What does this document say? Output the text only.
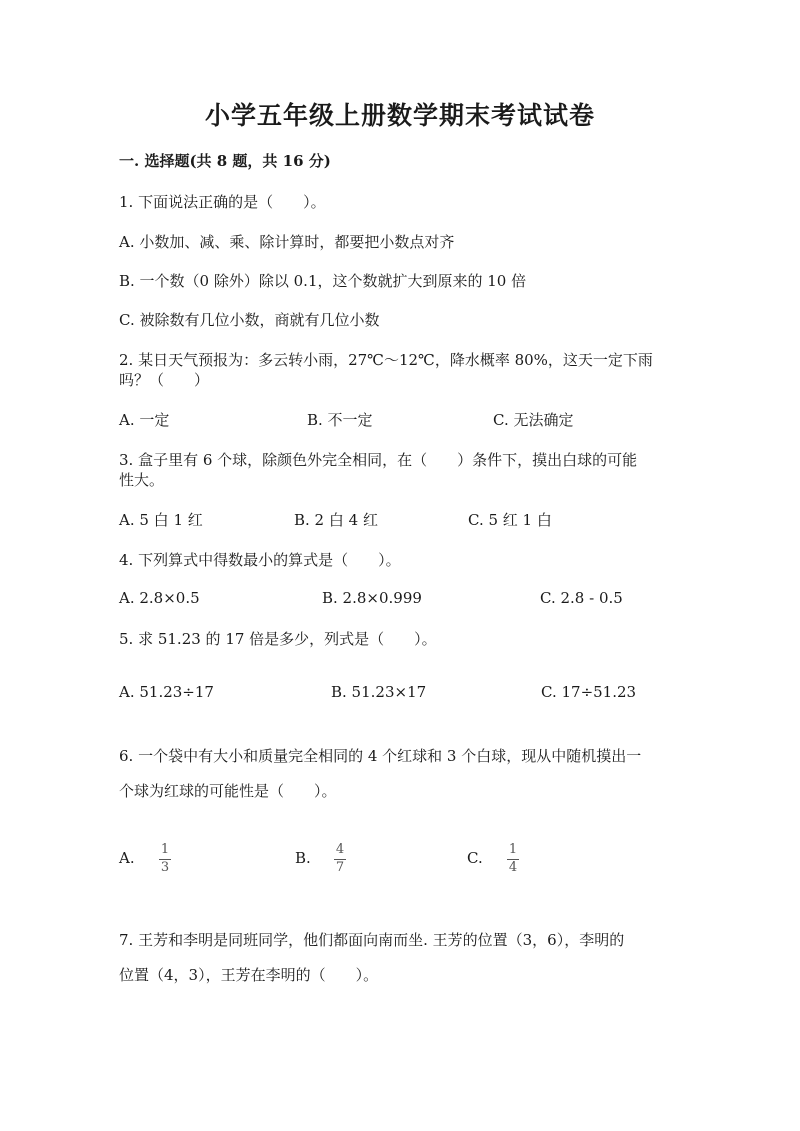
小学五年级上册数学期末考试试卷
一. 选择题(共 8 题，共 16 分)
1. 下面说法正确的是（　　）。
A. 小数加、减、乘、除计算时，都要把小数点对齐
B. 一个数（0 除外）除以 0.1，这个数就扩大到原来的 10 倍
C. 被除数有几位小数，商就有几位小数
2. 某日天气预报为：多云转小雨，27℃～12℃，降水概率 80%，这天一定下雨
吗？（　　）
A. 一定	B. 不一定	C. 无法确定
3. 盒子里有 6 个球，除颜色外完全相同，在（　　）条件下，摸出白球的可能
性大。
A. 5 白 1 红	B. 2 白 4 红	C. 5 红 1 白
4. 下列算式中得数最小的算式是（　　）。
A. 2.8×0.5	B. 2.8×0.999	C. 2.8 - 0.5
5. 求 51.23 的 17 倍是多少，列式是（　　）。
A. 51.23÷17	B. 51.23×17	C. 17÷51.23
6. 一个袋中有大小和质量完全相同的 4 个红球和 3 个白球，现从中随机摸出一
个球为红球的可能性是（　　）。
A. 1
3
B. 4
7
C. 1
4
7. 王芳和李明是同班同学，他们都面向南而坐. 王芳的位置（3，6），李明的
位置（4，3），王芳在李明的（　　）。
